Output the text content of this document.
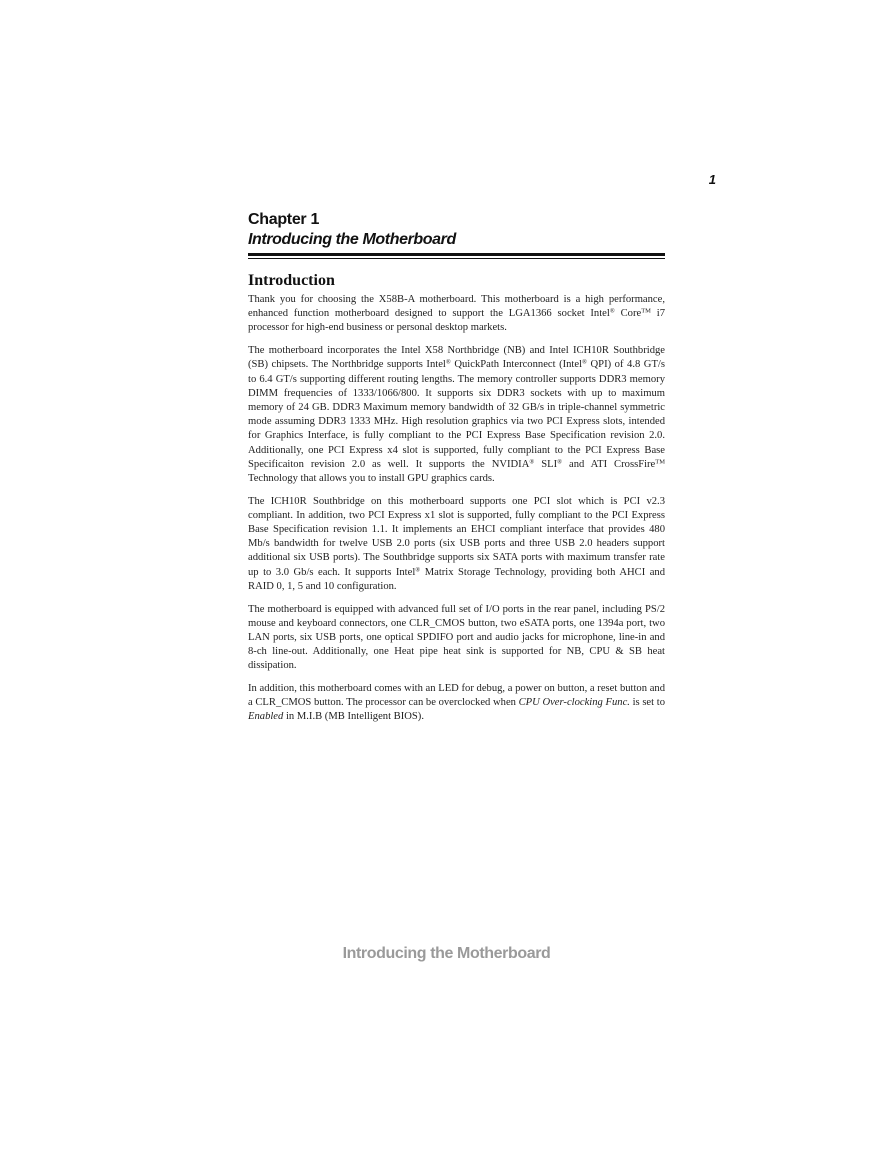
1
Chapter 1
Introducing the Motherboard
Introduction

Thank you for choosing the X58B-A motherboard. This motherboard is a high performance, enhanced function motherboard designed to support the LGA1366 socket Intel® Core™ i7 processor for high-end business or personal desktop markets.

The motherboard incorporates the Intel X58 Northbridge (NB) and Intel ICH10R Southbridge (SB) chipsets. The Northbridge supports Intel® QuickPath Interconnect (Intel® QPI) of 4.8 GT/s to 6.4 GT/s supporting different routing lengths. The memory controller supports DDR3 memory DIMM frequencies of 1333/1066/800. It supports six DDR3 sockets with up to maximum memory of 24 GB. DDR3 Maximum memory bandwidth of 32 GB/s in triple-channel symmetric mode assuming DDR3 1333 MHz. High resolution graphics via two PCI Express slots, intended for Graphics Interface, is fully compliant to the PCI Express Base Specification revision 2.0. Additionally, one PCI Express x4 slot is supported, fully compliant to the PCI Express Base Specificaiton revision 2.0 as well. It supports the NVIDIA® SLI® and ATI CrossFire™ Technology that allows you to install GPU graphics cards.

The ICH10R Southbridge on this motherboard supports one PCI slot which is PCI v2.3 compliant. In addition, two PCI Express x1 slot is supported, fully compliant to the PCI Express Base Specification revision 1.1. It implements an EHCI compliant interface that provides 480 Mb/s bandwidth for twelve USB 2.0 ports (six USB ports and three USB 2.0 headers support additional six USB ports). The Southbridge supports six SATA ports with maximum transfer rate up to 3.0 Gb/s each. It supports Intel® Matrix Storage Technology, providing both AHCI and RAID 0, 1, 5 and 10 configuration.

The motherboard is equipped with advanced full set of I/O ports in the rear panel, including PS/2 mouse and keyboard connectors, one CLR_CMOS button, two eSATA ports, one 1394a port, two LAN ports, six USB ports, one optical SPDIFO port and audio jacks for microphone, line-in and 8-ch line-out. Additionally, one Heat pipe heat sink is supported for NB, CPU & SB heat dissipation.

In addition, this motherboard comes with an LED for debug, a power on button, a reset button and a CLR_CMOS button. The processor can be overclocked when CPU Over-clocking Func. is set to Enabled in M.I.B (MB Intelligent BIOS).

Introducing the Motherboard
